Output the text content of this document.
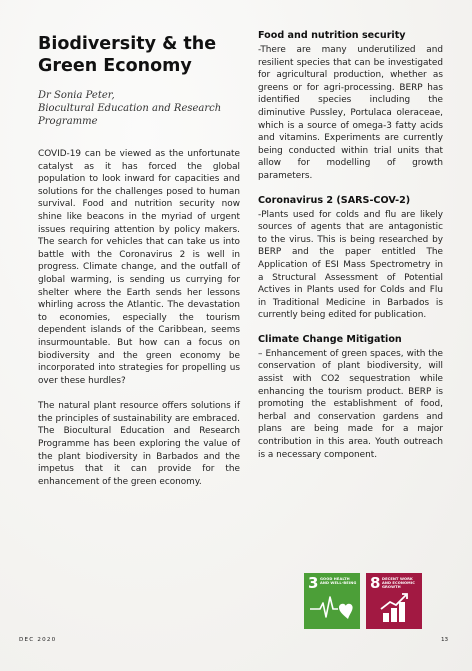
Biodiversity & the Green Economy
Dr Sonia Peter,
Biocultural Education and Research Programme

COVID-19 can be viewed as the unfortunate catalyst as it has forced the global population to look inward for capacities and solutions for the challenges posed to human survival. Food and nutrition security now shine like beacons in the myriad of urgent issues requiring attention by policy makers. The search for vehicles that can take us into battle with the Coronavirus 2 is well in progress. Climate change, and the outfall of global warming, is sending us currying for shelter where the Earth sends her lessons whirling across the Atlantic. The devastation to economies, especially the tourism dependent islands of the Caribbean, seems insurmountable. But how can a focus on biodiversity and the green economy be incorporated into strategies for propelling us over these hurdles?

The natural plant resource offers solutions if the principles of sustainability are embraced. The Biocultural Education and Research Programme has been exploring the value of the plant biodiversity in Barbados and the impetus that it can provide for the enhancement of the green economy.

Food and nutrition security

-There are many underutilized and resilient species that can be investigated for agricultural production, whether as greens or for agri-processing. BERP has identified species including the diminutive Pussley, Portulaca oleraceae, which is a source of omega-3 fatty acids and vitamins. Experiments are currently being conducted within trial units that allow for modelling of growth parameters.

Coronavirus 2 (SARS-COV-2)

-Plants used for colds and flu are likely sources of agents that are antagonistic to the virus. This is being researched by BERP and the paper entitled The Application of ESI Mass Spectrometry in a Structural Assessment of Potential Actives in Plants used for Colds and Flu in Traditional Medicine in Barbados is currently being edited for publication.

Climate Change Mitigation

– Enhancement of green spaces, with the conservation of plant biodiversity, will assist with CO2 sequestration while enhancing the tourism product. BERP is promoting the establishment of food, herbal and conservation gardens and plans are being made for a major contribution in this area. Youth outreach is a necessary component.

3 GOOD HEALTH AND WELL-BEING 8 DECENT WORK AND ECONOMIC GROWTH
DEC 2020	13
